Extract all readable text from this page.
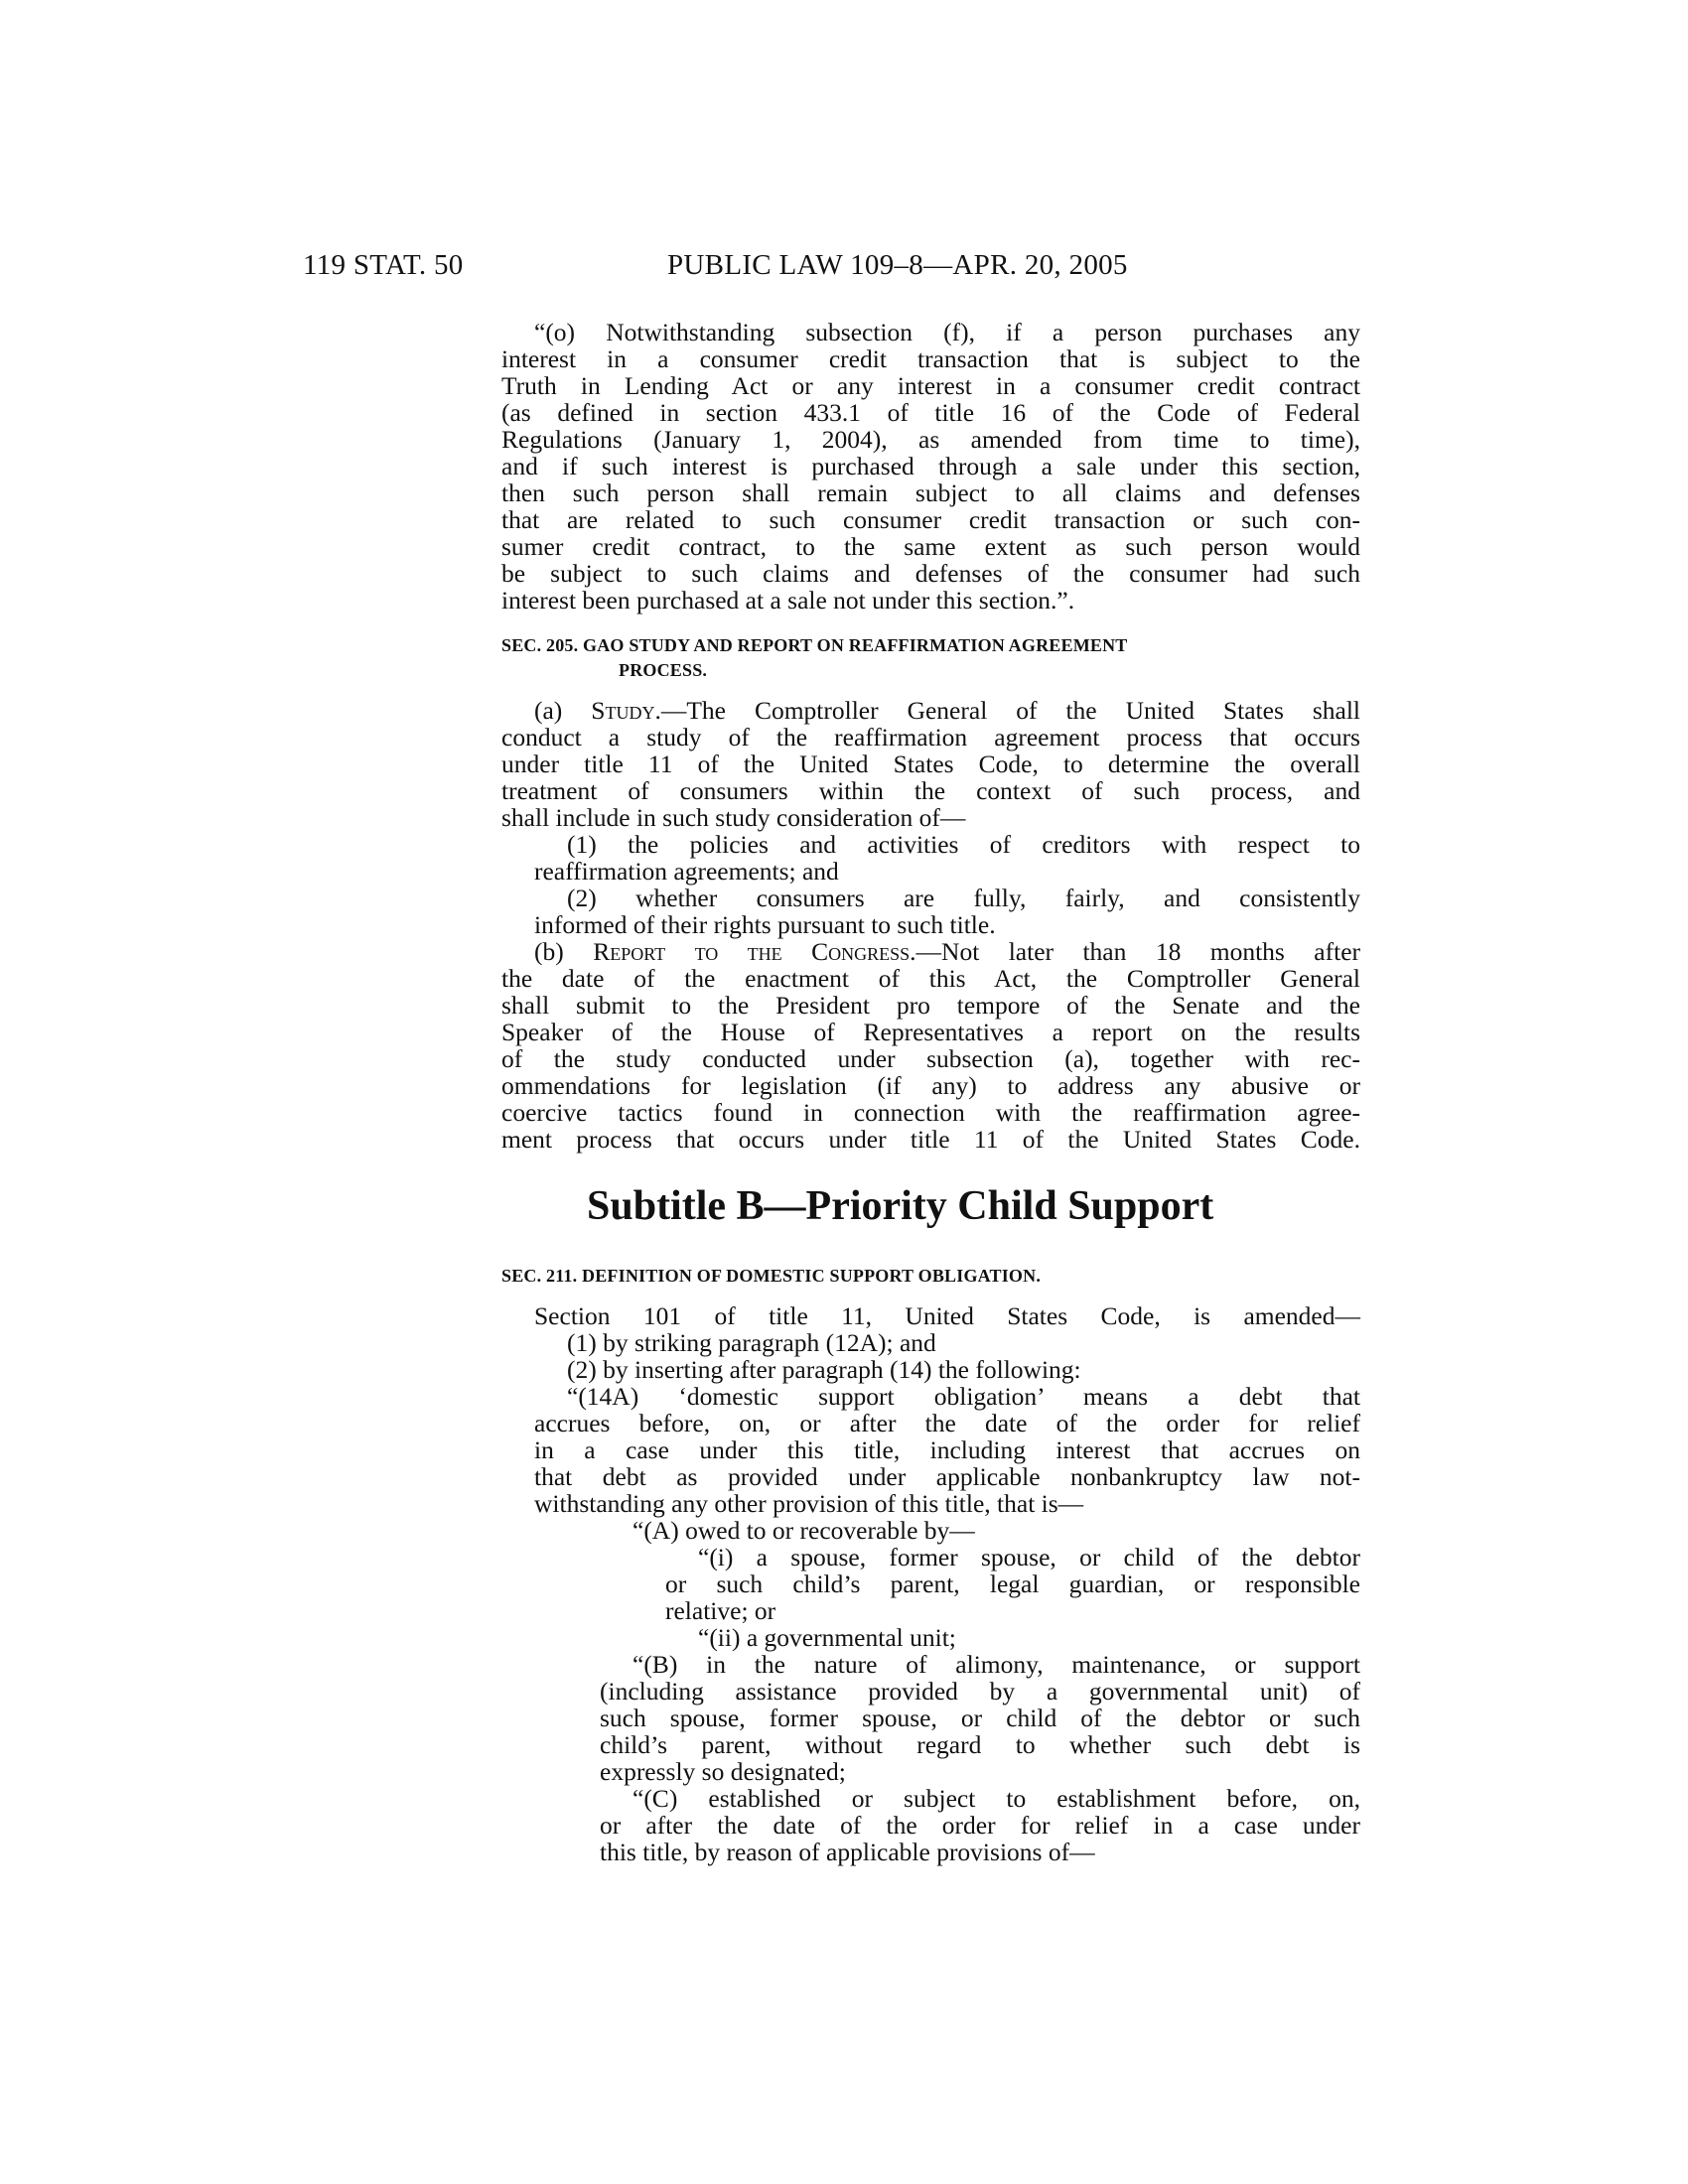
119 STAT. 50	PUBLIC LAW 109–8—APR. 20, 2005
“(o) Notwithstanding subsection (f), if a person purchases any
interest in a consumer credit transaction that is subject to the
Truth in Lending Act or any interest in a consumer credit contract
(as defined in section 433.1 of title 16 of the Code of Federal
Regulations (January 1, 2004), as amended from time to time),
and if such interest is purchased through a sale under this section,
then such person shall remain subject to all claims and defenses
that are related to such consumer credit transaction or such con-
sumer credit contract, to the same extent as such person would
be subject to such claims and defenses of the consumer had such
interest been purchased at a sale not under this section.”.
SEC. 205. GAO STUDY AND REPORT ON REAFFIRMATION AGREEMENT
PROCESS.
(a) Study.—The Comptroller General of the United States shall
conduct a study of the reaffirmation agreement process that occurs
under title 11 of the United States Code, to determine the overall
treatment of consumers within the context of such process, and
shall include in such study consideration of—
(1) the policies and activities of creditors with respect to
reaffirmation agreements; and
(2) whether consumers are fully, fairly, and consistently
informed of their rights pursuant to such title.
(b) Report to the Congress.—Not later than 18 months after
the date of the enactment of this Act, the Comptroller General
shall submit to the President pro tempore of the Senate and the
Speaker of the House of Representatives a report on the results
of the study conducted under subsection (a), together with rec-
ommendations for legislation (if any) to address any abusive or
coercive tactics found in connection with the reaffirmation agree-
ment process that occurs under title 11 of the United States Code.
Subtitle B—Priority Child Support
SEC. 211. DEFINITION OF DOMESTIC SUPPORT OBLIGATION.
Section 101 of title 11, United States Code, is amended—
(1) by striking paragraph (12A); and
(2) by inserting after paragraph (14) the following:
“(14A) ‘domestic support obligation’ means a debt that
accrues before, on, or after the date of the order for relief
in a case under this title, including interest that accrues on
that debt as provided under applicable nonbankruptcy law not-
withstanding any other provision of this title, that is—
“(A) owed to or recoverable by—
“(i) a spouse, former spouse, or child of the debtor
or such child’s parent, legal guardian, or responsible
relative; or
“(ii) a governmental unit;
“(B) in the nature of alimony, maintenance, or support
(including assistance provided by a governmental unit) of
such spouse, former spouse, or child of the debtor or such
child’s parent, without regard to whether such debt is
expressly so designated;
“(C) established or subject to establishment before, on,
or after the date of the order for relief in a case under
this title, by reason of applicable provisions of—
